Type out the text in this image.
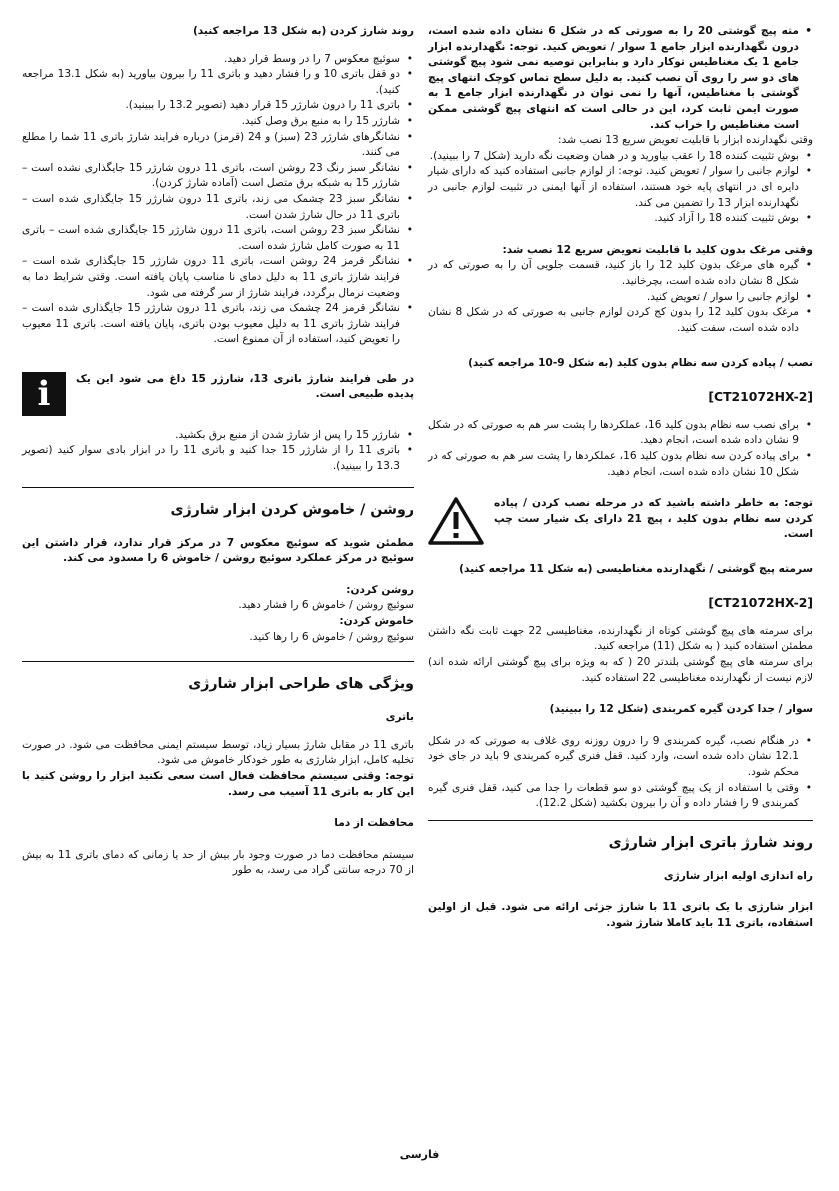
• مته پیچ گوشتی 20 را به صورتی که در شکل 6 نشان داده شده است، درون نگهدارنده ابزار جامع 1 سوار / تعویض کنید. توجه: نگهدارنده ابزار جامع 1 یک مغناطیس توکار دارد و بنابراین توصیه نمی شود پیچ گوشتی های دو سر را روی آن نصب کنید. به دلیل سطح تماس کوچک انتهای پیچ گوشتی با مغناطیس، آنها را نمی توان در نگهدارنده ابزار جامع 1 به صورت ایمن ثابت کرد، این در حالی است که انتهای پیچ گوشتی ممکن است مغناطیس را خراب کند.

وقتی نگهدارنده ابزار با قابلیت تعویض سریع 13 نصب شد:

• بوش تثبیت کننده 18 را عقب بیاورید و در همان وضعیت نگه دارید (شکل 7 را ببینید).
• لوازم جانبی را سوار / تعویض کنید. توجه: از لوازم جانبی استفاده کنید که دارای شیار دایره ای در انتهای پایه خود هستند، استفاده از آنها ایمنی در تثبیت لوازم جانبی در نگهدارنده ابزار 13 را تضمین می کند.
• بوش تثبیت کننده 18 را آزاد کنید.

وقتی مرغک بدون کلید با قابلیت تعویض سریع 12 نصب شد:

• گیره های مرغک بدون کلید 12 را باز کنید، قسمت جلویی آن را به صورتی که در شکل 8 نشان داده شده است، بچرخانید.
• لوازم جانبی را سوار / تعویض کنید.
• مرغک بدون کلید 12 را بدون کج کردن لوازم جانبی به صورتی که در شکل 8 نشان داده شده است، سفت کنید.

نصب / پیاده کردن سه نظام بدون کلید (به شکل 9-10 مراجعه کنید)

[CT21072HX-2]

• برای نصب سه نظام بدون کلید 16، عملکردها را پشت سر هم به صورتی که در شکل 9 نشان داده شده است، انجام دهید.
• برای پیاده کردن سه نظام بدون کلید 16، عملکردها را پشت سر هم به صورتی که در شکل 10 نشان داده شده است، انجام دهید.

توجه: به خاطر داشته باشید که در مرحله نصب کردن / پیاده کردن سه نظام بدون کلید ، پیچ 21 دارای یک شیار ست چپ است.

سرمته پیچ گوشتی / نگهدارنده مغناطیسی (به شکل 11 مراجعه کنید)

[CT21072HX-2]

برای سرمته های پیچ گوشتی کوتاه از نگهدارنده، مغناطیسی 22 جهت ثابت نگه داشتن مطمئن استفاده کنید ( به شکل (11) مراجعه کنید.

برای سرمته های پیچ گوشتی بلندتر 20 ( که به ویژه برای پیچ گوشتی ارائه شده اند) لازم نیست از نگهدارنده مغناطیسی 22 استفاده کنید.

سوار / جدا کردن گیره کمربندی (شکل 12 را ببینید)

• در هنگام نصب، گیره کمربندی 9 را درون روزنه روی غلاف به صورتی که در شکل 12.1 نشان داده شده است، وارد کنید. قفل فنری گیره کمربندی 9 باید در جای خود محکم شود.
• وقتی با استفاده از یک پیچ گوشتی دو سو قطعات را جدا می کنید، قفل فنری گیره کمربندی 9 را فشار داده و آن را بیرون بکشید (شکل 12.2).

روند شارژ باتری ابزار شارژی

راه اندازی اولیه ابزار شارژی

ابزار شارژی با یک باتری 11 با شارژ جزئی ارائه می شود. قبل از اولین استفاده، باتری 11 باید کاملا شارژ شود.

روند شارژ کردن (به شکل 13 مراجعه کنید)

• سوئیچ معکوس 7 را در وسط قرار دهید.
• دو قفل باتری 10 و را فشار دهید و باتری 11 را بیرون بیاورید (به شکل 13.1 مراجعه کنید).
• باتری 11 را درون شارژر 15 قرار دهید (تصویر 13.2 را ببینید).
• شارژر 15 را به منبع برق وصل کنید.
• نشانگرهای شارژر 23 (سبز) و 24 (قرمز) درباره فرایند شارژ باتری 11 شما را مطلع می کنند.
• نشانگر سبز رنگ 23 روشن است، باتری 11 درون شارژر 15 جایگذاری نشده است – شارژر 15 به شبکه برق متصل است (آماده شارژ کردن).
• نشانگر سبز 23 چشمک می زند، باتری 11 درون شارژر 15 جایگذاری شده است – باتری 11 در حال شارژ شدن است.
• نشانگر سبز 23 روشن است، باتری 11 درون شارژر 15 جایگذاری شده است – باتری 11 به صورت کامل شارژ شده است.
• نشانگر قرمز 24 روشن است، باتری 11 درون شارژر 15 جایگذاری شده است – فرایند شارژ باتری 11 به دلیل دمای نا مناسب پایان یافته است. وقتی شرایط دما به وضعیت نرمال برگردد، فرایند شارژ از سر گرفته می شود.
• نشانگر قرمز 24 چشمک می زند، باتری 11 درون شارژر 15 جایگذاری شده است – فرایند شارژ باتری 11 به دلیل معیوب بودن باتری، پایان یافته است. باتری 11 معیوب را تعویض کنید، استفاده از آن ممنوع است.

در طی فرایند شارژ باتری 13، شارژر 15 داغ می شود این یک پدیده طبیعی است.

i
• شارژر 15 را پس از شارژ شدن از منبع برق بکشید.
• باتری 11 را از شارژر 15 جدا کنید و باتری 11 را در ابزار بادی سوار کنید (تصویر 13.3 را ببینید).

روشن / خاموش کردن ابزار شارژی

مطمئن شوید که سوئیچ معکوس 7 در مرکز قرار ندارد، قرار داشتن این سوئیچ در مرکز عملکرد سوئیچ روشن / خاموش 6 را مسدود می کند.

روشن کردن:

سوئیچ روشن / خاموش 6 را فشار دهید.

خاموش کردن:

سوئیچ روشن / خاموش 6 را رها کنید.

ویژگی های طراحی ابزار شارژی

باتری

باتری 11 در مقابل شارژ بسیار زیاد، توسط سیستم ایمنی محافظت می شود. در صورت تخلیه کامل، ابزار شارژی به طور خودکار خاموش می شود.

توجه: وقتی سیستم محافظت فعال است سعی نکنید ابزار را روشن کنید با این کار به باتری 11 آسیب می رسد.

محافظت از دما

سیستم محافظت دما در صورت وجود بار بیش از حد یا زمانی که دمای باتری 11 به بیش از 70 درجه سانتی گراد می رسد، به طور

فارسی
